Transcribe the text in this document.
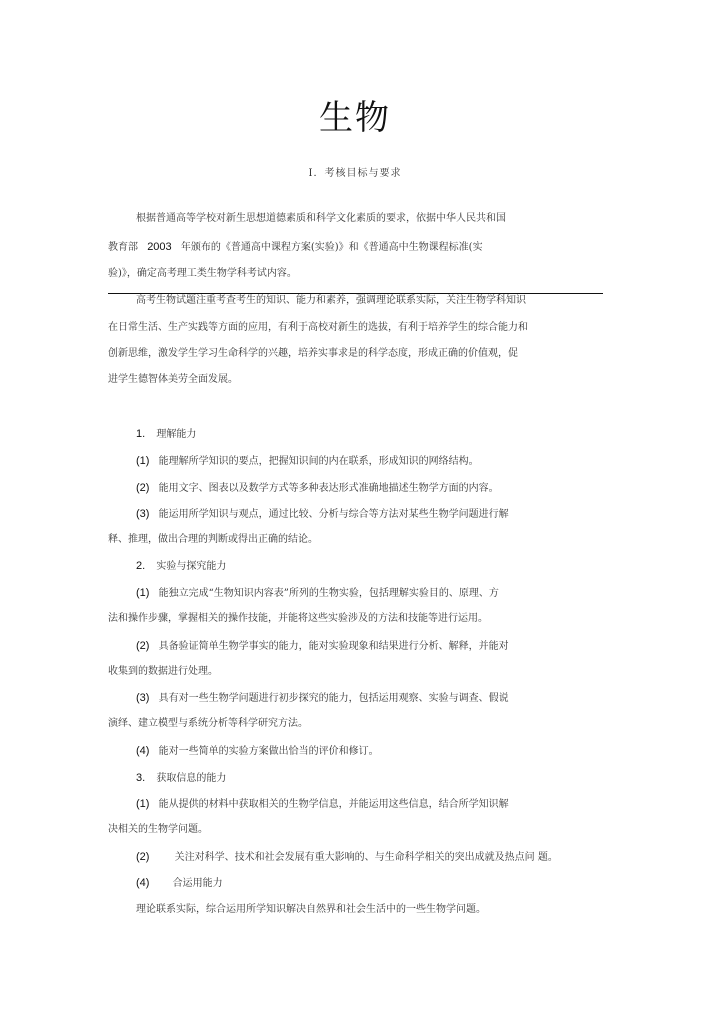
生物
Ⅰ．考核目标与要求
根据普通高等学校对新生思想道德素质和科学文化素质的要求，依据中华人民共和国
教育部 2003 年颁布的《普通高中课程方案(实验)》和《普通高中生物课程标准(实
验)》，确定高考理工类生物学科考试内容。
高考生物试题注重考查考生的知识、能力和素养，强调理论联系实际，关注生物学科知识
在日常生活、生产实践等方面的应用，有利于高校对新生的选拔，有利于培养学生的综合能力和
创新思维，激发学生学习生命科学的兴趣，培养实事求是的科学态度，形成正确的价值观，促
进学生德智体美劳全面发展。
1. 理解能力
(1) 能理解所学知识的要点，把握知识间的内在联系，形成知识的网络结构。
(2) 能用文字、图表以及数学方式等多种表达形式准确地描述生物学方面的内容。
(3) 能运用所学知识与观点，通过比较、分析与综合等方法对某些生物学问题进行解
释、推理，做出合理的判断或得出正确的结论。
2. 实验与探究能力
(1) 能独立完成“生物知识内容表”所列的生物实验，包括理解实验目的、原理、方
法和操作步骤，掌握相关的操作技能，并能将这些实验涉及的方法和技能等进行运用。
(2) 具备验证简单生物学事实的能力，能对实验现象和结果进行分析、解释，并能对
收集到的数据进行处理。
(3) 具有对一些生物学问题进行初步探究的能力，包括运用观察、实验与调查、假说
演绎、建立模型与系统分析等科学研究方法。
(4) 能对一些简单的实验方案做出恰当的评价和修订。
3. 获取信息的能力
(1) 能从提供的材料中获取相关的生物学信息，并能运用这些信息，结合所学知识解
决相关的生物学问题。
(2)	关注对科学、技术和社会发展有重大影响的、与生命科学相关的突出成就及热点问 题。
(4) 合运用能力
理论联系实际，综合运用所学知识解决自然界和社会生活中的一些生物学问题。
